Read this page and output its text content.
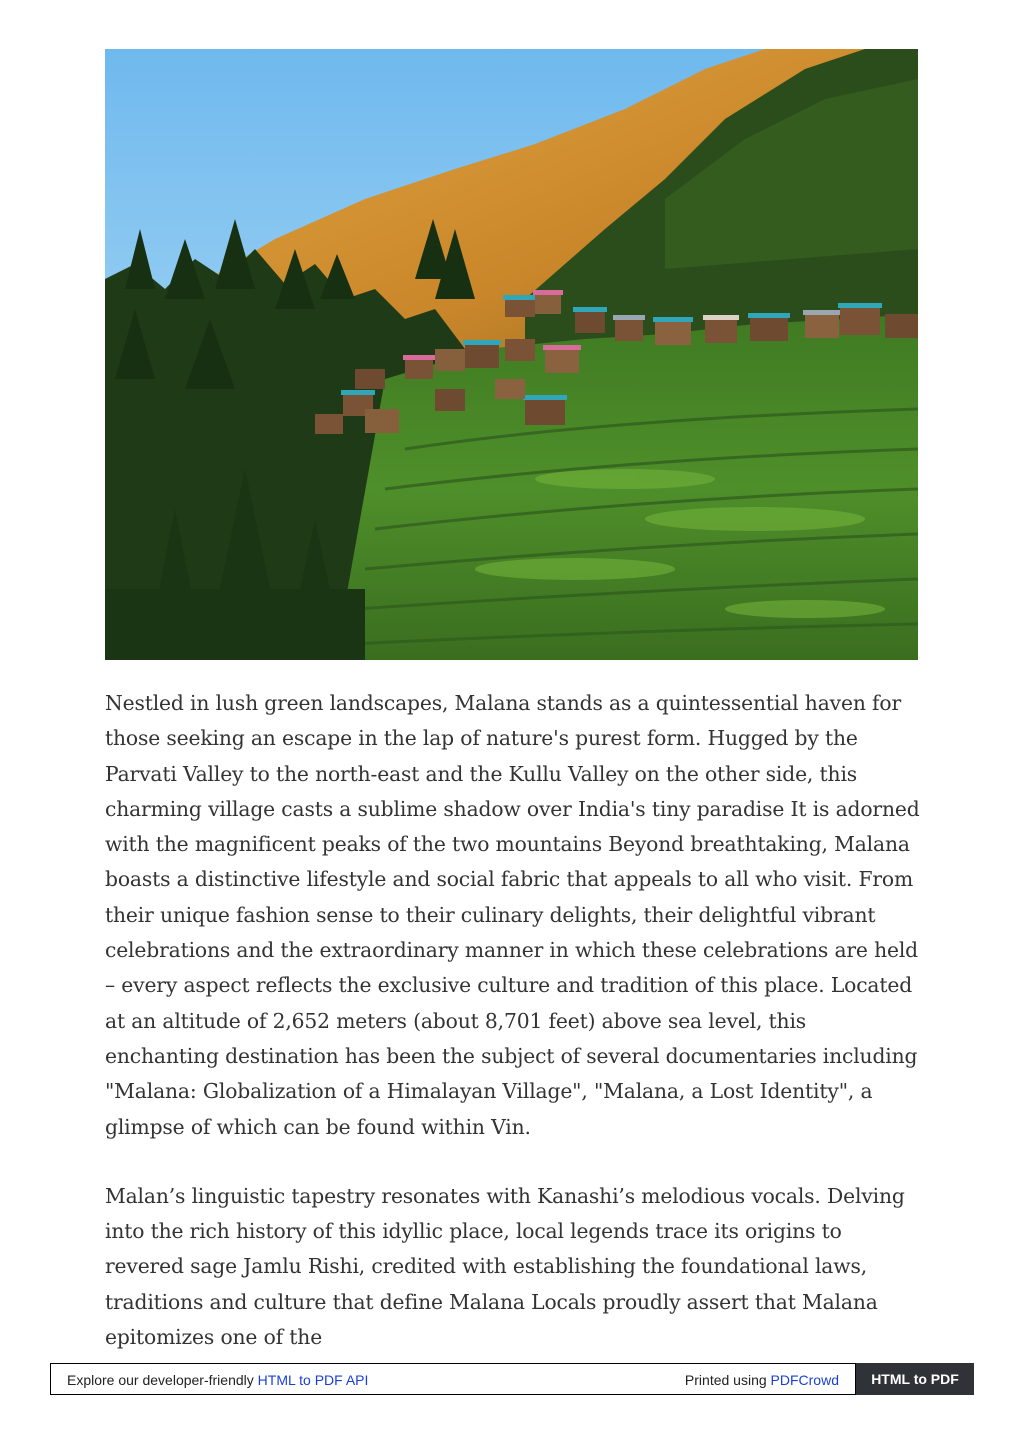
Nestled in lush green landscapes, Malana stands as a quintessential haven for those seeking an escape in the lap of nature's purest form. Hugged by the Parvati Valley to the north-east and the Kullu Valley on the other side, this charming village casts a sublime shadow over India's tiny paradise It is adorned with the magnificent peaks of the two mountains Beyond breathtaking, Malana boasts a distinctive lifestyle and social fabric that appeals to all who visit. From their unique fashion sense to their culinary delights, their delightful vibrant celebrations and the extraordinary manner in which these celebrations are held – every aspect reflects the exclusive culture and tradition of this place. Located at an altitude of 2,652 meters (about 8,701 feet) above sea level, this enchanting destination has been the subject of several documentaries including "Malana: Globalization of a Himalayan Village", "Malana, a Lost Identity", a glimpse of which can be found within Vin.

Malan’s linguistic tapestry resonates with Kanashi’s melodious vocals. Delving into the rich history of this idyllic place, local legends trace its origins to revered sage Jamlu Rishi, credited with establishing the foundational laws, traditions and culture that define Malana Locals proudly assert that Malana epitomizes one of the

Explore our developer-friendly HTML to PDF API	Printed using PDFCrowd	HTML to PDF
